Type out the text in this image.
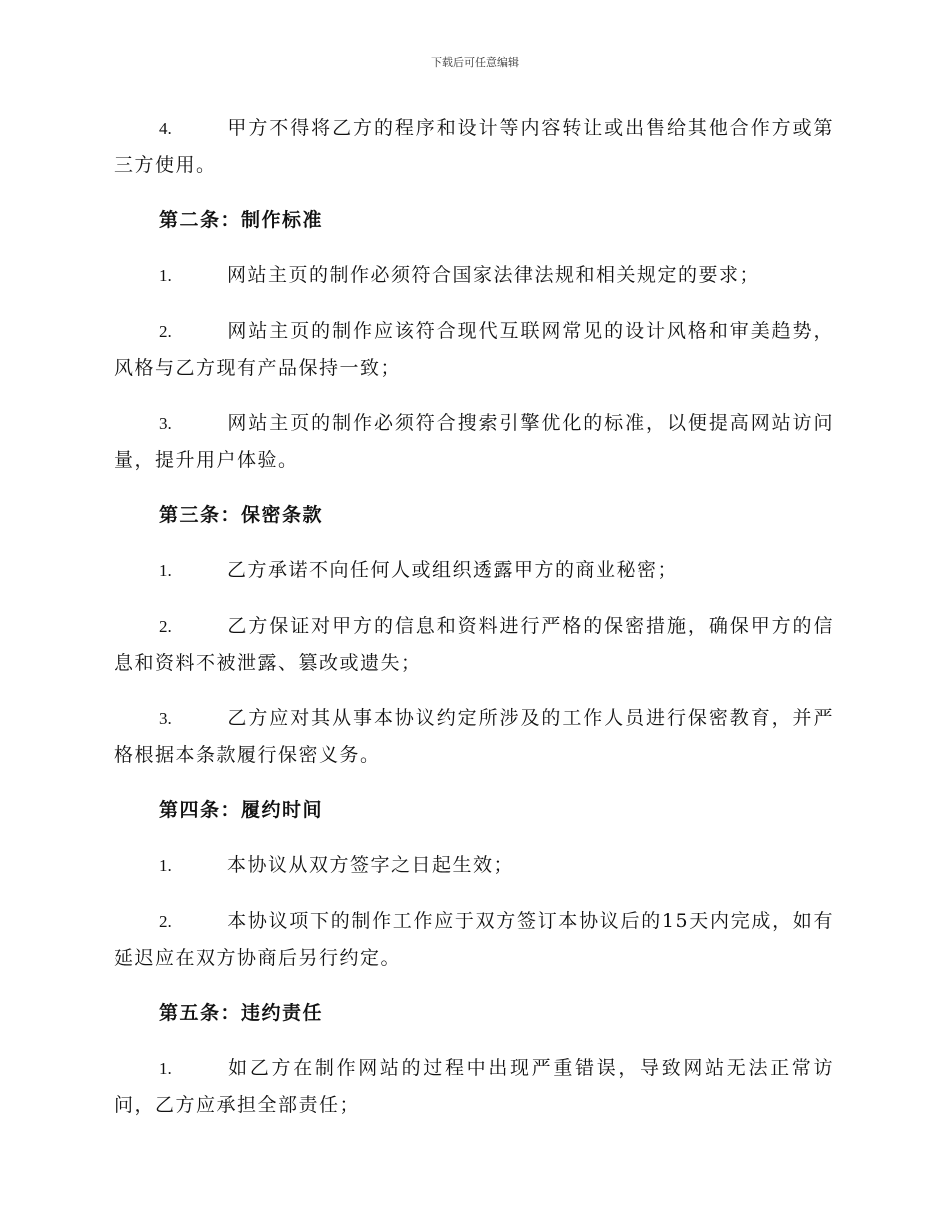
下载后可任意编辑
4.	甲方不得将乙方的程序和设计等内容转让或出售给其他合作方或第三方使用。
第二条：制作标准
1.	网站主页的制作必须符合国家法律法规和相关规定的要求；
2.	网站主页的制作应该符合现代互联网常见的设计风格和审美趋势，风格与乙方现有产品保持一致；
3.	网站主页的制作必须符合搜索引擎优化的标准，以便提高网站访问量，提升用户体验。
第三条：保密条款
1.	乙方承诺不向任何人或组织透露甲方的商业秘密；
2.	乙方保证对甲方的信息和资料进行严格的保密措施，确保甲方的信息和资料不被泄露、篡改或遗失；
3.	乙方应对其从事本协议约定所涉及的工作人员进行保密教育，并严格根据本条款履行保密义务。
第四条：履约时间
1.	本协议从双方签字之日起生效；
2.	本协议项下的制作工作应于双方签订本协议后的15天内完成，如有延迟应在双方协商后另行约定。
第五条：违约责任
1.	如乙方在制作网站的过程中出现严重错误，导致网站无法正常访问，乙方应承担全部责任；
